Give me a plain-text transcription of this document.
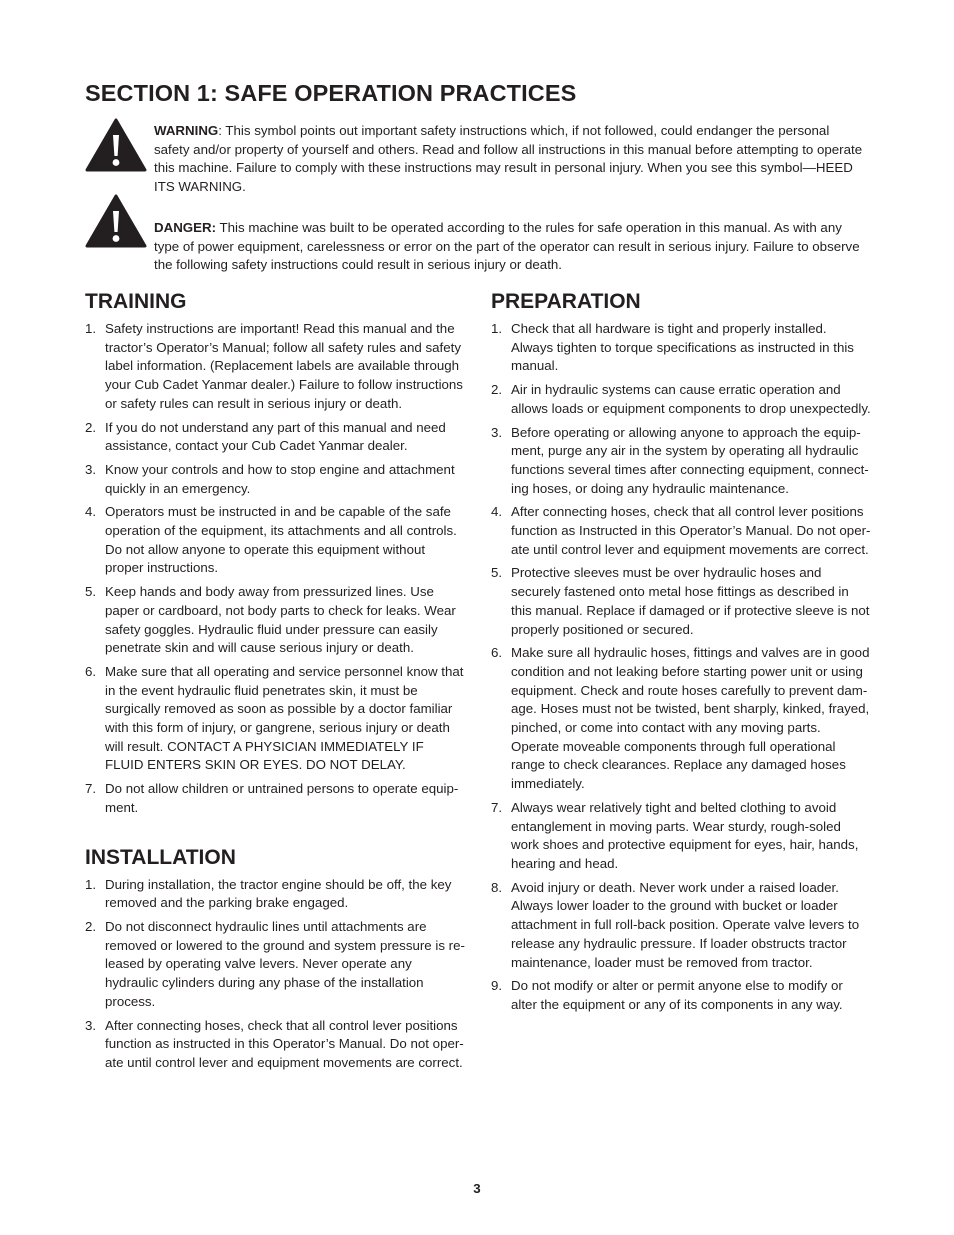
SECTION 1: SAFE OPERATION PRACTICES
WARNING: This symbol points out important safety instructions which, if not followed, could endanger the personal safety and/or property of yourself and others. Read and follow all instructions in this manual before attempting to operate this machine. Failure to comply with these instructions may result in personal injury. When you see this symbol—HEED ITS WARNING.
DANGER: This machine was built to be operated according to the rules for safe operation in this manual. As with any type of power equipment, carelessness or error on the part of the operator can result in serious injury. Failure to observe the following safety instructions could result in serious injury or death.
TRAINING
1. Safety instructions are important! Read this manual and the tractor’s Operator’s Manual; follow all safety rules and safety label information. (Replacement labels are available through your Cub Cadet Yanmar dealer.) Failure to follow instructions or safety rules can result in serious injury or death.
2. If you do not understand any part of this manual and need assistance, contact your Cub Cadet Yanmar dealer.
3. Know your controls and how to stop engine and attachment quickly in an emergency.
4. Operators must be instructed in and be capable of the safe operation of the equipment, its attachments and all controls. Do not allow anyone to operate this equipment without proper instructions.
5. Keep hands and body away from pressurized lines. Use paper or cardboard, not body parts to check for leaks. Wear safety goggles. Hydraulic fluid under pressure can easily penetrate skin and will cause serious injury or death.
6. Make sure that all operating and service personnel know that in the event hydraulic fluid penetrates skin, it must be surgically removed as soon as possible by a doctor familiar with this form of injury, or gangrene, serious injury or death will result. CONTACT A PHYSICIAN IMMEDIATELY IF FLUID ENTERS SKIN OR EYES. DO NOT DELAY.
7. Do not allow children or untrained persons to operate equip-ment.
INSTALLATION
1. During installation, the tractor engine should be off, the key removed and the parking brake engaged.
2. Do not disconnect hydraulic lines until attachments are removed or lowered to the ground and system pressure is re-leased by operating valve levers. Never operate any hydraulic cylinders during any phase of the installation process.
3. After connecting hoses, check that all control lever positions function as instructed in this Operator’s Manual. Do not oper-ate until control lever and equipment movements are correct.
PREPARATION
1. Check that all hardware is tight and properly installed. Always tighten to torque specifications as instructed in this manual.
2. Air in hydraulic systems can cause erratic operation and allows loads or equipment components to drop unexpectedly.
3. Before operating or allowing anyone to approach the equip-ment, purge any air in the system by operating all hydraulic functions several times after connecting equipment, connect-ing hoses, or doing any hydraulic maintenance.
4. After connecting hoses, check that all control lever positions function as Instructed in this Operator’s Manual. Do not oper-ate until control lever and equipment movements are correct.
5. Protective sleeves must be over hydraulic hoses and securely fastened onto metal hose fittings as described in this manual. Replace if damaged or if protective sleeve is not properly positioned or secured.
6. Make sure all hydraulic hoses, fittings and valves are in good condition and not leaking before starting power unit or using equipment. Check and route hoses carefully to prevent dam-age. Hoses must not be twisted, bent sharply, kinked, frayed, pinched, or come into contact with any moving parts. Operate moveable components through full operational range to check clearances. Replace any damaged hoses immediately.
7. Always wear relatively tight and belted clothing to avoid entanglement in moving parts. Wear sturdy, rough-soled work shoes and protective equipment for eyes, hair, hands, hearing and head.
8. Avoid injury or death. Never work under a raised loader. Always lower loader to the ground with bucket or loader attachment in full roll-back position. Operate valve levers to release any hydraulic pressure. If loader obstructs tractor maintenance, loader must be removed from tractor.
9. Do not modify or alter or permit anyone else to modify or alter the equipment or any of its components in any way.
3
